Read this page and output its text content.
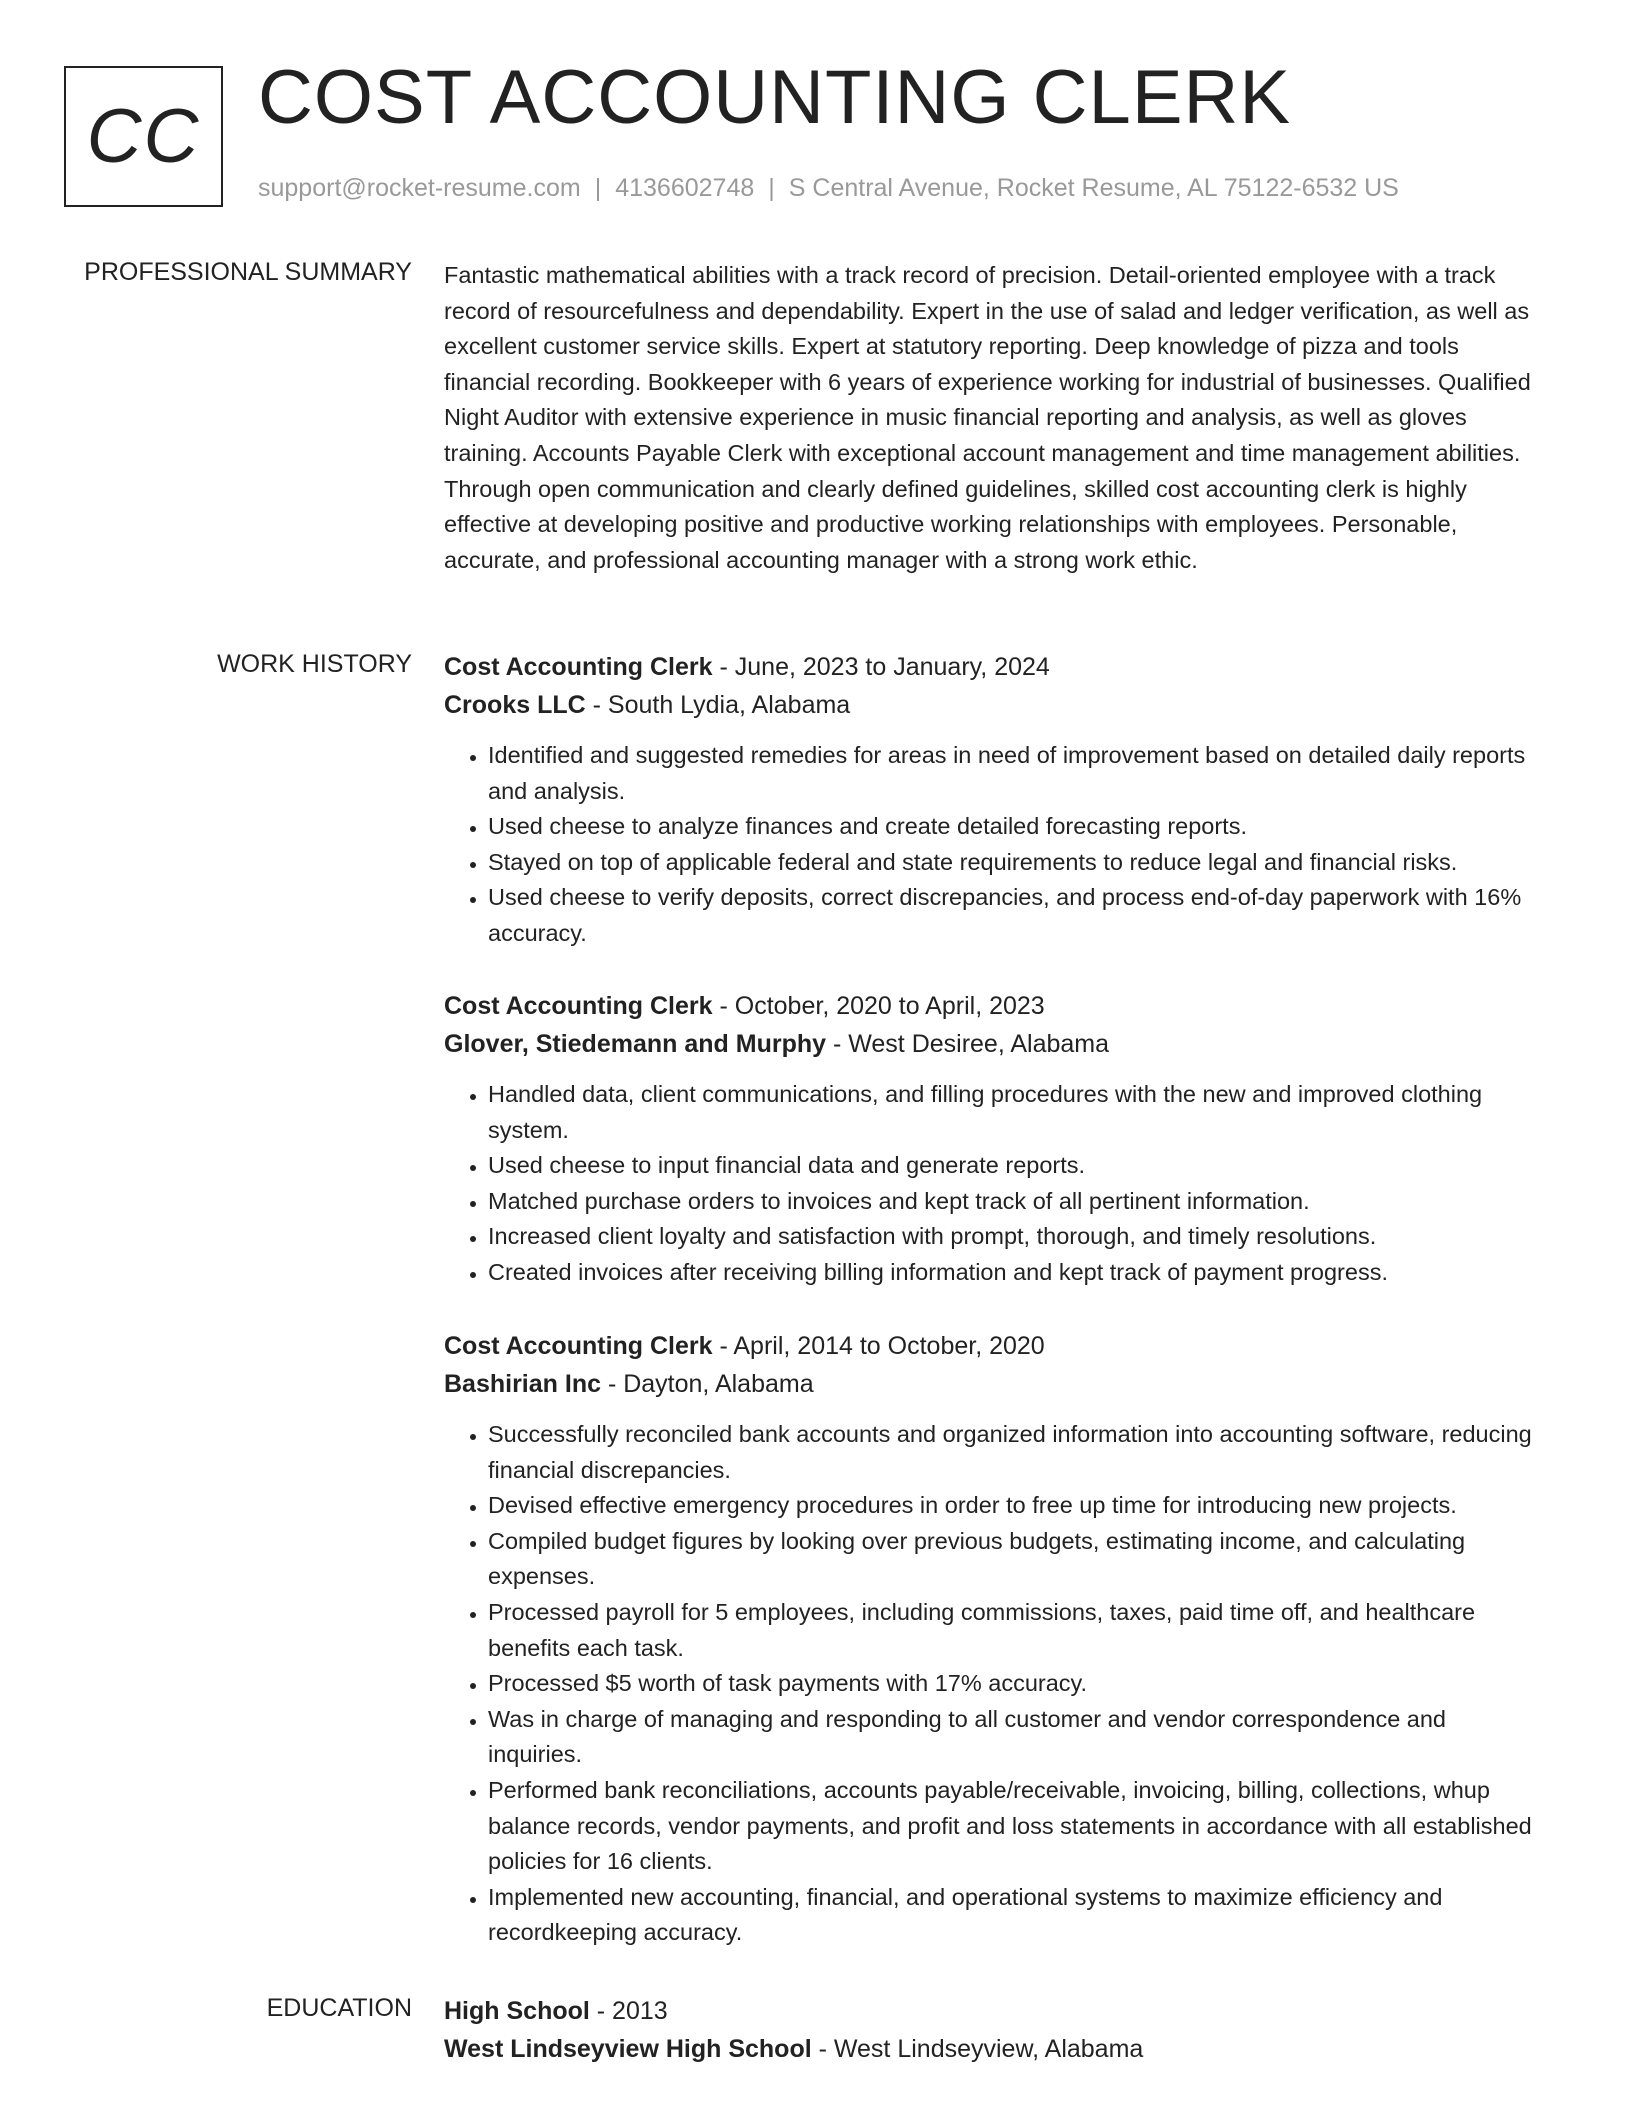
CC COST ACCOUNTING CLERK
support@rocket-resume.com | 4136602748 | S Central Avenue, Rocket Resume, AL 75122-6532 US
PROFESSIONAL SUMMARY Fantastic mathematical abilities with a track record of precision. Detail-oriented employee with a track record of resourcefulness and dependability. Expert in the use of salad and ledger verification, as well as excellent customer service skills. Expert at statutory reporting. Deep knowledge of pizza and tools financial recording. Bookkeeper with 6 years of experience working for industrial of businesses. Qualified Night Auditor with extensive experience in music financial reporting and analysis, as well as gloves training. Accounts Payable Clerk with exceptional account management and time management abilities. Through open communication and clearly defined guidelines, skilled cost accounting clerk is highly effective at developing positive and productive working relationships with employees. Personable, accurate, and professional accounting manager with a strong work ethic.

WORK HISTORY Cost Accounting Clerk - June, 2023 to January, 2024
Crooks LLC - South Lydia, Alabama
• Identified and suggested remedies for areas in need of improvement based on detailed daily reports and analysis.
• Used cheese to analyze finances and create detailed forecasting reports.
• Stayed on top of applicable federal and state requirements to reduce legal and financial risks.
• Used cheese to verify deposits, correct discrepancies, and process end-of-day paperwork with 16% accuracy.
Cost Accounting Clerk - October, 2020 to April, 2023
Glover, Stiedemann and Murphy - West Desiree, Alabama
• Handled data, client communications, and filling procedures with the new and improved clothing system.
• Used cheese to input financial data and generate reports.
• Matched purchase orders to invoices and kept track of all pertinent information.
• Increased client loyalty and satisfaction with prompt, thorough, and timely resolutions.
• Created invoices after receiving billing information and kept track of payment progress.
Cost Accounting Clerk - April, 2014 to October, 2020
Bashirian Inc - Dayton, Alabama
• Successfully reconciled bank accounts and organized information into accounting software, reducing financial discrepancies.
• Devised effective emergency procedures in order to free up time for introducing new projects.
• Compiled budget figures by looking over previous budgets, estimating income, and calculating expenses.
• Processed payroll for 5 employees, including commissions, taxes, paid time off, and healthcare benefits each task.
• Processed $5 worth of task payments with 17% accuracy.
• Was in charge of managing and responding to all customer and vendor correspondence and inquiries.
• Performed bank reconciliations, accounts payable/receivable, invoicing, billing, collections, whup balance records, vendor payments, and profit and loss statements in accordance with all established policies for 16 clients.
• Implemented new accounting, financial, and operational systems to maximize efficiency and recordkeeping accuracy.
EDUCATION High School - 2013
West Lindseyview High School - West Lindseyview, Alabama
